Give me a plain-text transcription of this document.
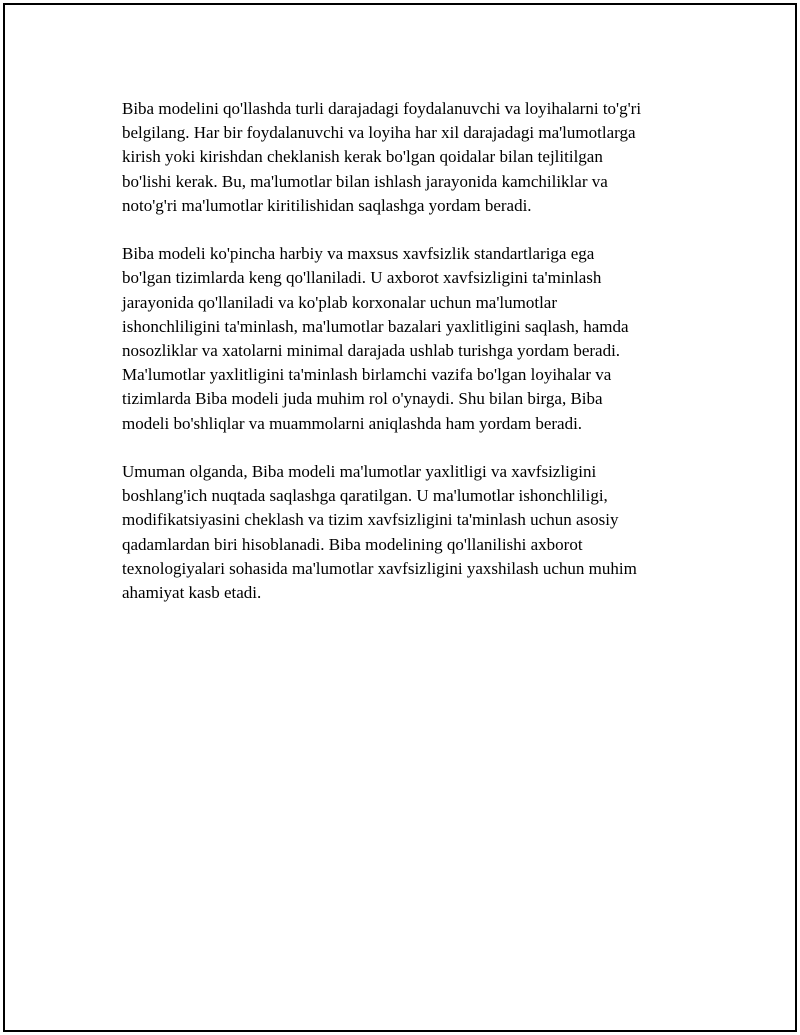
Biba modelini qo'llashda turli darajadagi foydalanuvchi va loyihalarni to'g'ri
belgilang. Har bir foydalanuvchi va loyiha har xil darajadagi ma'lumotlarga
kirish yoki kirishdan cheklanish kerak bo'lgan qoidalar bilan tejlitilgan
bo'lishi kerak. Bu, ma'lumotlar bilan ishlash jarayonida kamchiliklar va
noto'g'ri ma'lumotlar kiritilishidan saqlashga yordam beradi.

Biba modeli ko'pincha harbiy va maxsus xavfsizlik standartlariga ega
bo'lgan tizimlarda keng qo'llaniladi. U axborot xavfsizligini ta'minlash
jarayonida qo'llaniladi va ko'plab korxonalar uchun ma'lumotlar
ishonchliligini ta'minlash, ma'lumotlar bazalari yaxlitligini saqlash, hamda
nosozliklar va xatolarni minimal darajada ushlab turishga yordam beradi.
Ma'lumotlar yaxlitligini ta'minlash birlamchi vazifa bo'lgan loyihalar va
tizimlarda Biba modeli juda muhim rol o'ynaydi. Shu bilan birga, Biba
modeli bo'shliqlar va muammolarni aniqlashda ham yordam beradi.

Umuman olganda, Biba modeli ma'lumotlar yaxlitligi va xavfsizligini
boshlang'ich nuqtada saqlashga qaratilgan. U ma'lumotlar ishonchliligi,
modifikatsiyasini cheklash va tizim xavfsizligini ta'minlash uchun asosiy
qadamlardan biri hisoblanadi. Biba modelining qo'llanilishi axborot
texnologiyalari sohasida ma'lumotlar xavfsizligini yaxshilash uchun muhim
ahamiyat kasb etadi.
